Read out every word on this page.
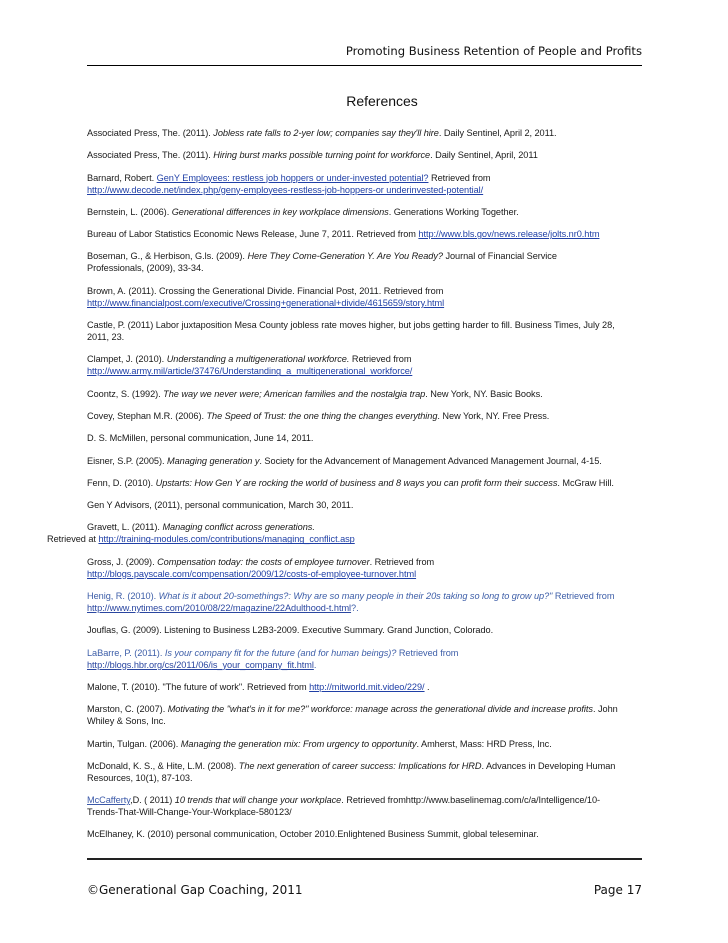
Promoting Business Retention of People and Profits
References

Associated Press, The. (2011). Jobless rate falls to 2-yer low; companies say they'll hire. Daily Sentinel, April 2, 2011.

Associated Press, The. (2011). Hiring burst marks possible turning point for workforce. Daily Sentinel, April, 2011

Barnard, Robert. GenY Employees: restless job hoppers or under-invested potential? Retrieved from
http://www.decode.net/index.php/geny-employees-restless-job-hoppers-or underinvested-potential/

Bernstein, L. (2006). Generational differences in key workplace dimensions. Generations Working Together.

Bureau of Labor Statistics Economic News Release, June 7, 2011. Retrieved from http://www.bls.gov/news.release/jolts.nr0.htm

Boseman, G., & Herbison, G.ls. (2009). Here They Come-Generation Y. Are You Ready? Journal of Financial Service
Professionals, (2009), 33-34.

Brown, A. (2011). Crossing the Generational Divide. Financial Post, 2011. Retrieved from
http://www.financialpost.com/executive/Crossing+generational+divide/4615659/story.html

Castle, P. (2011) Labor juxtaposition Mesa County jobless rate moves higher, but jobs getting harder to fill. Business Times, July 28,
2011, 23.

Clampet, J. (2010). Understanding a multigenerational workforce. Retrieved from
http://www.army.mil/article/37476/Understanding_a_multigenerational_workforce/

Coontz, S. (1992). The way we never were; American families and the nostalgia trap. New York, NY. Basic Books.

Covey, Stephan M.R. (2006). The Speed of Trust: the one thing the changes everything. New York, NY. Free Press.

D. S. McMillen, personal communication, June 14, 2011.

Eisner, S.P. (2005). Managing generation y. Society for the Advancement of Management Advanced Management Journal, 4-15.

Fenn, D. (2010). Upstarts: How Gen Y are rocking the world of business and 8 ways you can profit form their success. McGraw Hill.

Gen Y Advisors, (2011), personal communication, March 30, 2011.

Gravett, L. (2011). Managing conflict across generations.
Retrieved at http://training-modules.com/contributions/managing_conflict.asp

Gross, J. (2009). Compensation today: the costs of employee turnover. Retrieved from
http://blogs.payscale.com/compensation/2009/12/costs-of-employee-turnover.html

Henig, R. (2010). What is it about 20-somethings?: Why are so many people in their 20s taking so long to grow up?" Retrieved from
http://www.nytimes.com/2010/08/22/magazine/22Adulthood-t.html?.

Jouflas, G. (2009). Listening to Business L2B3-2009. Executive Summary. Grand Junction, Colorado.

LaBarre, P. (2011). Is your company fit for the future (and for human beings)? Retrieved from
http://blogs.hbr.org/cs/2011/06/is_your_company_fit.html.

Malone, T. (2010). "The future of work". Retrieved from http://mitworld.mit.video/229/ .

Marston, C. (2007). Motivating the "what's in it for me?" workforce: manage across the generational divide and increase profits. John
Whiley & Sons, Inc.

Martin, Tulgan. (2006). Managing the generation mix: From urgency to opportunity. Amherst, Mass: HRD Press, Inc.

McDonald, K. S., & Hite, L.M. (2008). The next generation of career success: Implications for HRD. Advances in Developing Human
Resources, 10(1), 87-103.

McCafferty,D. ( 2011) 10 trends that will change your workplace. Retrieved fromhttp://www.baselinemag.com/c/a/Intelligence/10-
Trends-That-Will-Change-Your-Workplace-580123/

McElhaney, K. (2010) personal communication, October 2010.Enlightened Business Summit, global teleseminar.

©Generational Gap Coaching, 2011	Page 17
